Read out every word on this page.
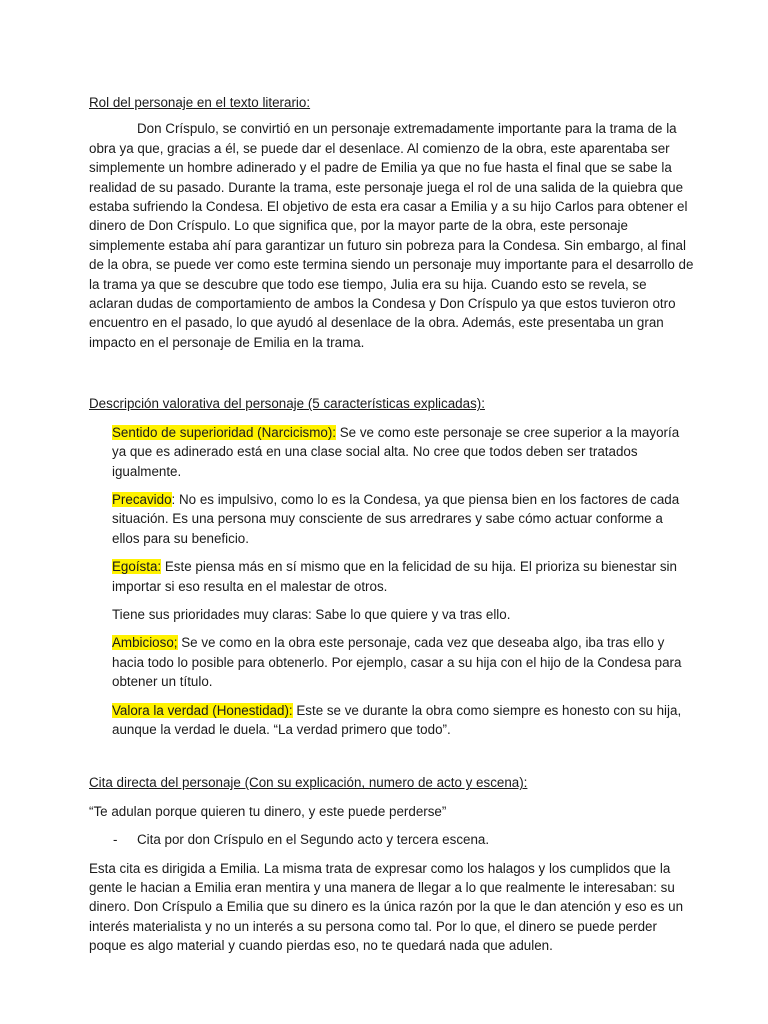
Rol del personaje en el texto literario:

Don Críspulo, se convirtió en un personaje extremadamente importante para la trama de la obra ya que, gracias a él, se puede dar el desenlace. Al comienzo de la obra, este aparentaba ser simplemente un hombre adinerado y el padre de Emilia ya que no fue hasta el final que se sabe la realidad de su pasado. Durante la trama, este personaje juega el rol de una salida de la quiebra que estaba sufriendo la Condesa. El objetivo de esta era casar a Emilia y a su hijo Carlos para obtener el dinero de Don Críspulo. Lo que significa que, por la mayor parte de la obra, este personaje simplemente estaba ahí para garantizar un futuro sin pobreza para la Condesa. Sin embargo, al final de la obra, se puede ver como este termina siendo un personaje muy importante para el desarrollo de la trama ya que se descubre que todo ese tiempo, Julia era su hija. Cuando esto se revela, se aclaran dudas de comportamiento de ambos la Condesa y Don Críspulo ya que estos tuvieron otro encuentro en el pasado, lo que ayudó al desenlace de la obra. Además, este presentaba un gran impacto en el personaje de Emilia en la trama.

Descripción valorativa del personaje (5 características explicadas):

Sentido de superioridad (Narcicismo): Se ve como este personaje se cree superior a la mayoría ya que es adinerado está en una clase social alta. No cree que todos deben ser tratados igualmente.

Precavido: No es impulsivo, como lo es la Condesa, ya que piensa bien en los factores de cada situación. Es una persona muy consciente de sus arredrares y sabe cómo actuar conforme a ellos para su beneficio.

Egoísta: Este piensa más en sí mismo que en la felicidad de su hija. El prioriza su bienestar sin importar si eso resulta en el malestar de otros.

Tiene sus prioridades muy claras: Sabe lo que quiere y va tras ello.

Ambicioso; Se ve como en la obra este personaje, cada vez que deseaba algo, iba tras ello y hacia todo lo posible para obtenerlo. Por ejemplo, casar a su hija con el hijo de la Condesa para obtener un título.

Valora la verdad (Honestidad): Este se ve durante la obra como siempre es honesto con su hija, aunque la verdad le duela. “La verdad primero que todo”.

Cita directa del personaje (Con su explicación, numero de acto y escena):

“Te adulan porque quieren tu dinero, y este puede perderse”

- Cita por don Críspulo en el Segundo acto y tercera escena.

Esta cita es dirigida a Emilia. La misma trata de expresar como los halagos y los cumplidos que la gente le hacian a Emilia eran mentira y una manera de llegar a lo que realmente le interesaban: su dinero. Don Críspulo a Emilia que su dinero es la única razón por la que le dan atención y eso es un interés materialista y no un interés a su persona como tal. Por lo que, el dinero se puede perder poque es algo material y cuando pierdas eso, no te quedará nada que adulen.
